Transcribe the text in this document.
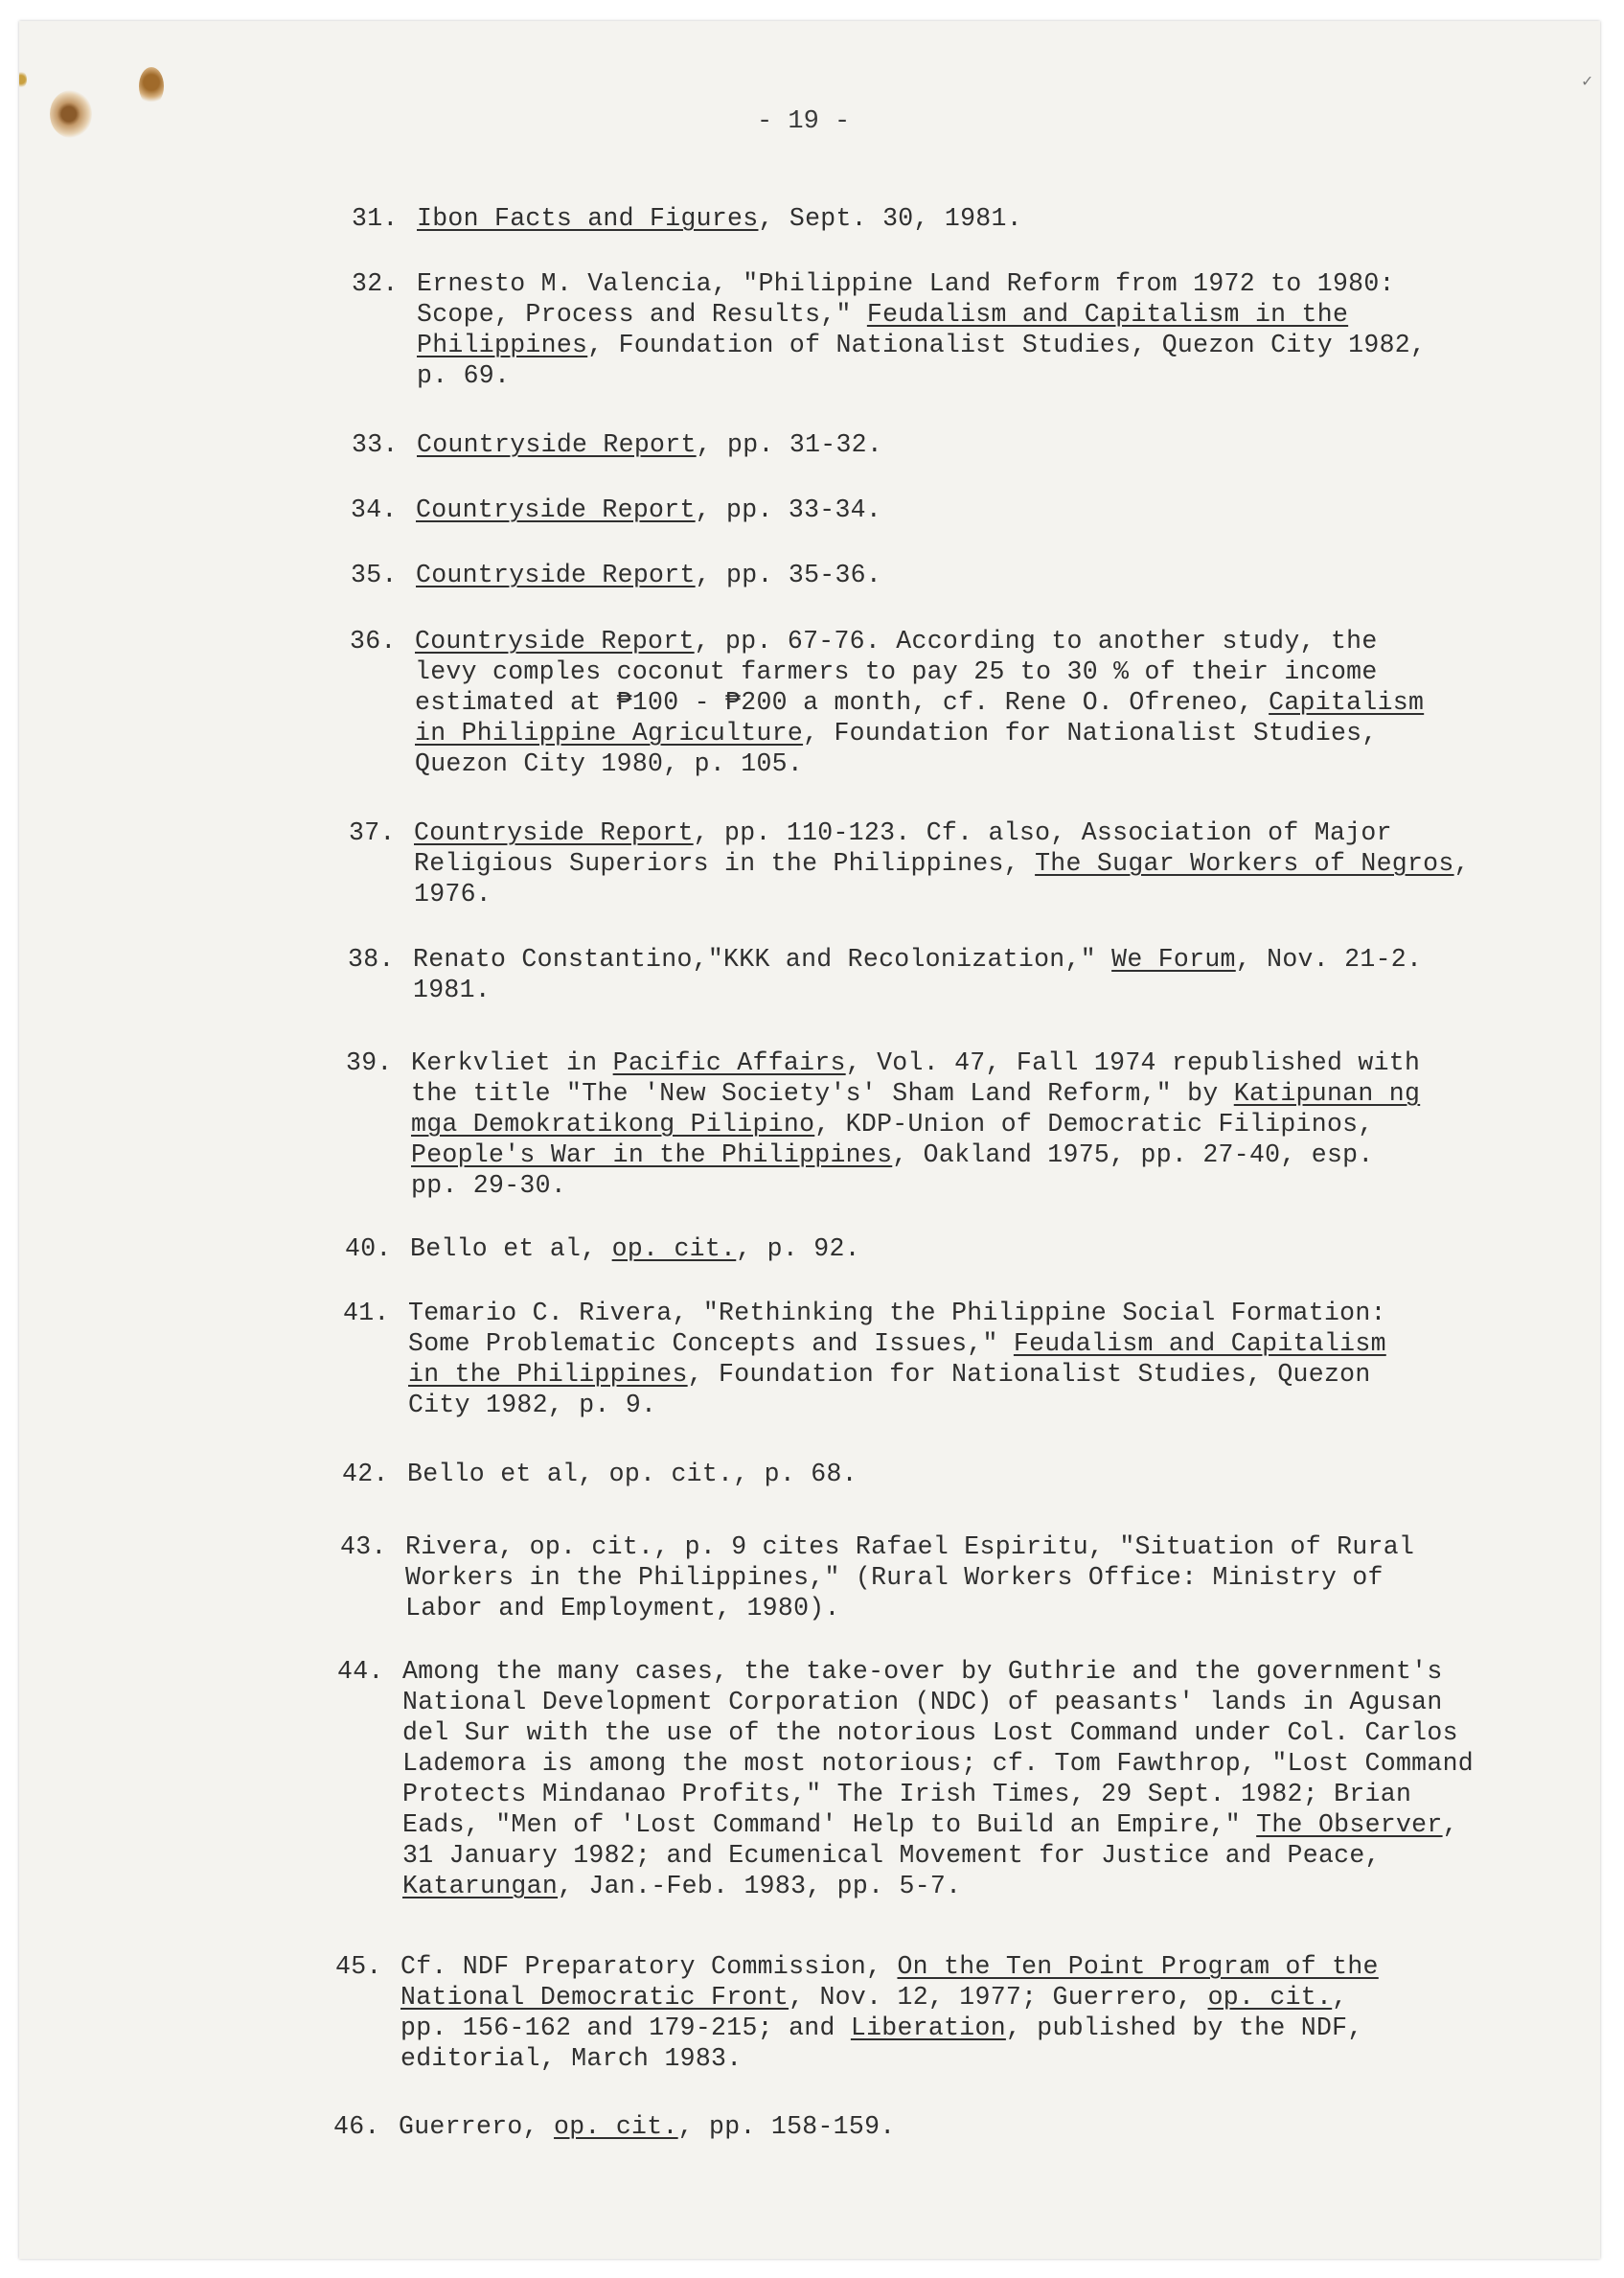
✓
- 19 -
31. Ibon Facts and Figures, Sept. 30, 1981.
32. Ernesto M. Valencia, "Philippine Land Reform from 1972 to 1980:
Scope, Process and Results," Feudalism and Capitalism in the
Philippines, Foundation of Nationalist Studies, Quezon City 1982,
p. 69.
33. Countryside Report, pp. 31-32.
34. Countryside Report, pp. 33-34.
35. Countryside Report, pp. 35-36.
36. Countryside Report, pp. 67-76. According to another study, the
levy comples coconut farmers to pay 25 to 30 % of their income
estimated at ₱100 - ₱200 a month, cf. Rene O. Ofreneo, Capitalism
in Philippine Agriculture, Foundation for Nationalist Studies,
Quezon City 1980, p. 105.
37. Countryside Report, pp. 110-123. Cf. also, Association of Major
Religious Superiors in the Philippines, The Sugar Workers of Negros,
1976.
38. Renato Constantino,"KKK and Recolonization," We Forum, Nov. 21-2.
1981.
39. Kerkvliet in Pacific Affairs, Vol. 47, Fall 1974 republished with
the title "The 'New Society's' Sham Land Reform," by Katipunan ng
mga Demokratikong Pilipino, KDP-Union of Democratic Filipinos,
People's War in the Philippines, Oakland 1975, pp. 27-40, esp.
pp. 29-30.
40. Bello et al, op. cit., p. 92.
41. Temario C. Rivera, "Rethinking the Philippine Social Formation:
Some Problematic Concepts and Issues," Feudalism and Capitalism
in the Philippines, Foundation for Nationalist Studies, Quezon
City 1982, p. 9.
42. Bello et al, op. cit., p. 68.
43. Rivera, op. cit., p. 9 cites Rafael Espiritu, "Situation of Rural
Workers in the Philippines," (Rural Workers Office: Ministry of
Labor and Employment, 1980).
44. Among the many cases, the take-over by Guthrie and the government's
National Development Corporation (NDC) of peasants' lands in Agusan
del Sur with the use of the notorious Lost Command under Col. Carlos
Lademora is among the most notorious; cf. Tom Fawthrop, "Lost Command
Protects Mindanao Profits," The Irish Times, 29 Sept. 1982; Brian
Eads, "Men of 'Lost Command' Help to Build an Empire," The Observer,
31 January 1982; and Ecumenical Movement for Justice and Peace,
Katarungan, Jan.-Feb. 1983, pp. 5-7.
45. Cf. NDF Preparatory Commission, On the Ten Point Program of the
National Democratic Front, Nov. 12, 1977; Guerrero, op. cit.,
pp. 156-162 and 179-215; and Liberation, published by the NDF,
editorial, March 1983.
46. Guerrero, op. cit., pp. 158-159.
